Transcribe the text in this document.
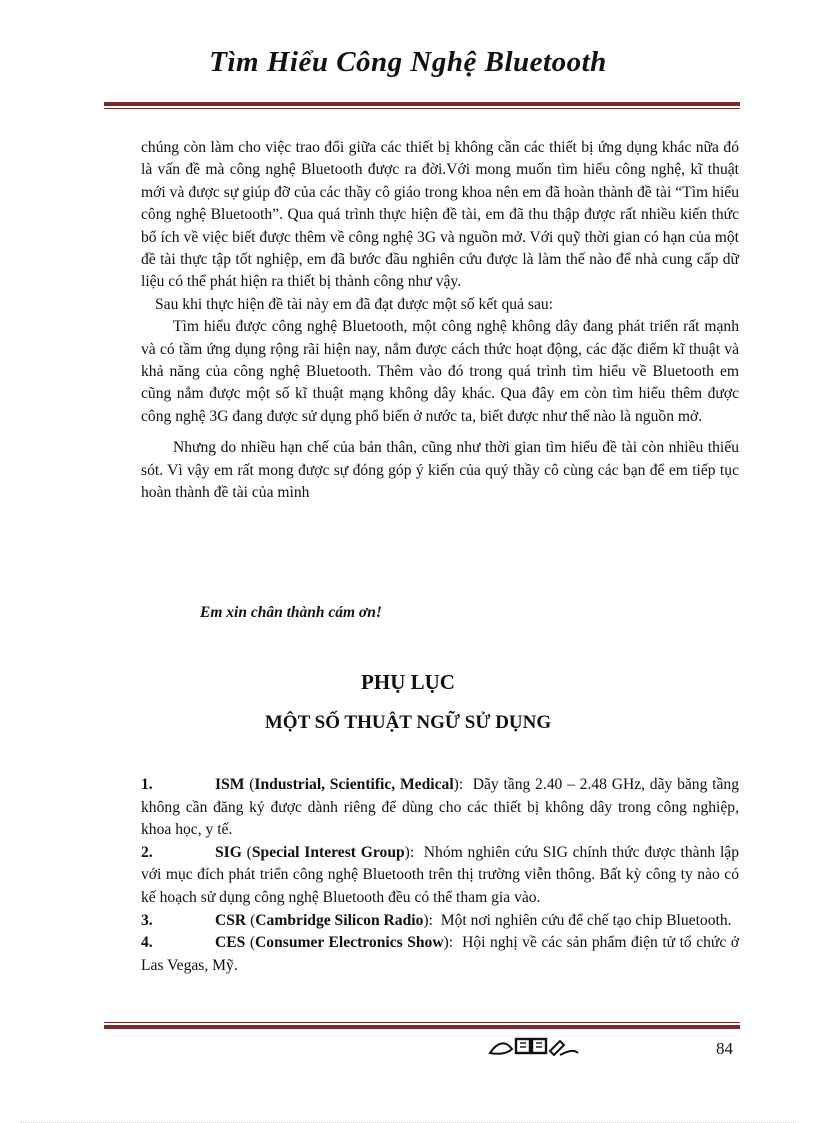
Tìm Hiểu Công Nghệ Bluetooth

chúng còn làm cho việc trao đổi giữa các thiết bị không cần các thiết bị ứng dụng khác nữa đó là vấn đề mà công nghệ Bluetooth được ra đời.Với mong muốn tìm hiểu công nghệ, kĩ thuật mới và được sự giúp đỡ của các thầy cô giáo trong khoa nên em đã hoàn thành đề tài “Tìm hiểu công nghệ Bluetooth”. Qua quá trình thực hiện đề tài, em đã thu thập được rất nhiều kiến thức bổ ích về việc biết được thêm về công nghệ 3G và nguồn mở. Với quỹ thời gian có hạn của một đề tài thực tập tốt nghiệp, em đã bước đầu nghiên cứu được là làm thế nào để nhà cung cấp dữ liệu có thể phát hiện ra thiết bị thành công như vậy.

Sau khi thực hiện đề tài này em đã đạt được một số kết quả sau:

Tìm hiểu được công nghệ Bluetooth, một công nghệ không dây đang phát triển rất mạnh và có tầm ứng dụng rộng rãi hiện nay, nắm được cách thức hoạt động, các đặc điểm kĩ thuật và khả năng của công nghệ Bluetooth. Thêm vào đó trong quá trình tìm hiểu về Bluetooth em cũng nắm được một số kĩ thuật mạng không dây khác. Qua đây em còn tìm hiểu thêm được công nghệ 3G đang được sử dụng phổ biến ở nước ta, biết được như thế nào là nguồn mở.

Nhưng do nhiều hạn chế của bản thân, cũng như thời gian tìm hiểu đề tài còn nhiều thiếu sót. Vì vậy em rất mong được sự đóng góp ý kiến của quý thầy cô cùng các bạn để em tiếp tục hoàn thành đề tài của mình

Em xin chân thành cám ơn!
PHỤ LỤC
MỘT SỐ THUẬT NGỮ SỬ DỤNG

1.	ISM (Industrial, Scientific, Medical):  Dãy tầng 2.40 – 2.48 GHz, dãy băng tầng không cần đăng ký được dành riêng để dùng cho các thiết bị không dây trong công nghiệp, khoa học, y tế.

2.	SIG (Special Interest Group):  Nhóm nghiên cứu SIG chính thức được thành lập với mục đích phát triển công nghệ Bluetooth trên thị trường viễn thông. Bất kỳ công ty nào có kế hoạch sử dụng công nghệ Bluetooth đều có thể tham gia vào.

3.	CSR (Cambridge Silicon Radio):  Một nơi nghiên cứu để chế tạo chip Bluetooth.

4.	CES (Consumer Electronics Show):  Hội nghị về các sản phẩm điện tử tổ chức ở Las Vegas, Mỹ.

84
